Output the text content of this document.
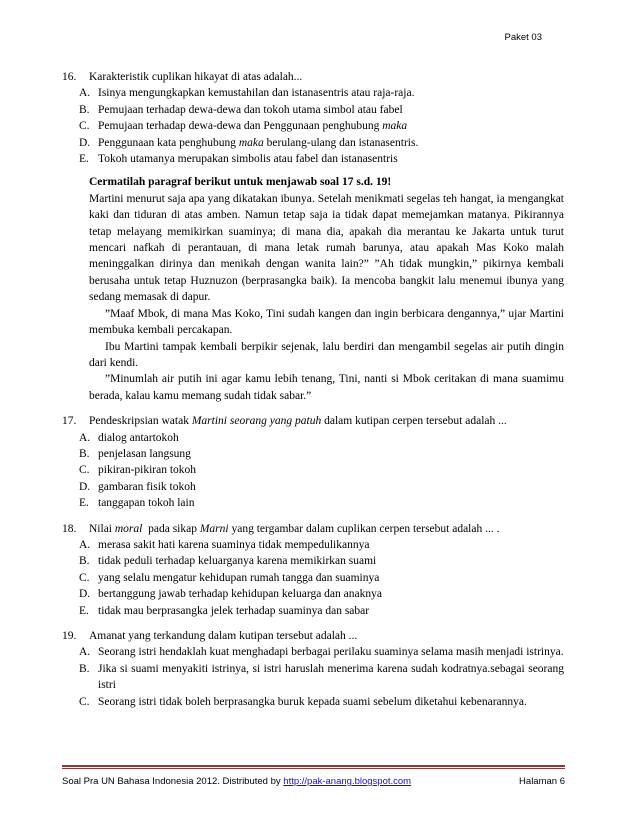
Paket 03
16.	Karakteristik cuplikan hikayat di atas adalah...
A. Isinya mengungkapkan kemustahilan dan istanasentris atau raja-raja.
B. Pemujaan terhadap dewa-dewa dan tokoh utama simbol atau fabel
C. Pemujaan terhadap dewa-dewa dan Penggunaan penghubung maka
D. Penggunaan kata penghubung maka berulang-ulang dan istanasentris.
E. Tokoh utamanya merupakan simbolis atau fabel dan istanasentris
Cermatilah paragraf berikut untuk menjawab soal 17 s.d. 19!
Martini menurut saja apa yang dikatakan ibunya. Setelah menikmati segelas teh hangat, ia mengangkat kaki dan tiduran di atas amben. Namun tetap saja ia tidak dapat memejamkan matanya. Pikirannya tetap melayang memikirkan suaminya; di mana dia, apakah dia merantau ke Jakarta untuk turut mencari nafkah di perantauan, di mana letak rumah barunya, atau apakah Mas Koko malah meninggalkan dirinya dan menikah dengan wanita lain?” ”Ah tidak mungkin,” pikirnya kembali berusaha untuk tetap Huznuzon (berprasangka baik). Ia mencoba bangkit lalu menemui ibunya yang sedang memasak di dapur.
”Maaf Mbok, di mana Mas Koko, Tini sudah kangen dan ingin berbicara dengannya,” ujar Martini membuka kembali percakapan.
Ibu Martini tampak kembali berpikir sejenak, lalu berdiri dan mengambil segelas air putih dingin dari kendi.
”Minumlah air putih ini agar kamu lebih tenang, Tini, nanti si Mbok ceritakan di mana suamimu berada, kalau kamu memang sudah tidak sabar.”
17.	Pendeskripsian watak Martini seorang yang patuh dalam kutipan cerpen tersebut adalah ...
A. dialog antartokoh
B. penjelasan langsung
C. pikiran-pikiran tokoh
D. gambaran fisik tokoh
E. tanggapan tokoh lain
18.	Nilai moral  pada sikap Marni yang tergambar dalam cuplikan cerpen tersebut adalah ... .
A. merasa sakit hati karena suaminya tidak mempedulikannya
B. tidak peduli terhadap keluarganya karena memikirkan suami
C. yang selalu mengatur kehidupan rumah tangga dan suaminya
D. bertanggung jawab terhadap kehidupan keluarga dan anaknya
E. tidak mau berprasangka jelek terhadap suaminya dan sabar
19.	Amanat yang terkandung dalam kutipan tersebut adalah ...
A. Seorang istri hendaklah kuat menghadapi berbagai perilaku suaminya selama masih menjadi istrinya.
B. Jika si suami menyakiti istrinya, si istri haruslah menerima karena sudah kodratnya.sebagai seorang istri
C. Seorang istri tidak boleh berprasangka buruk kepada suami sebelum diketahui kebenarannya.
Soal Pra UN Bahasa Indonesia 2012. Distributed by http://pak-anang.blogspot.com	Halaman 6
